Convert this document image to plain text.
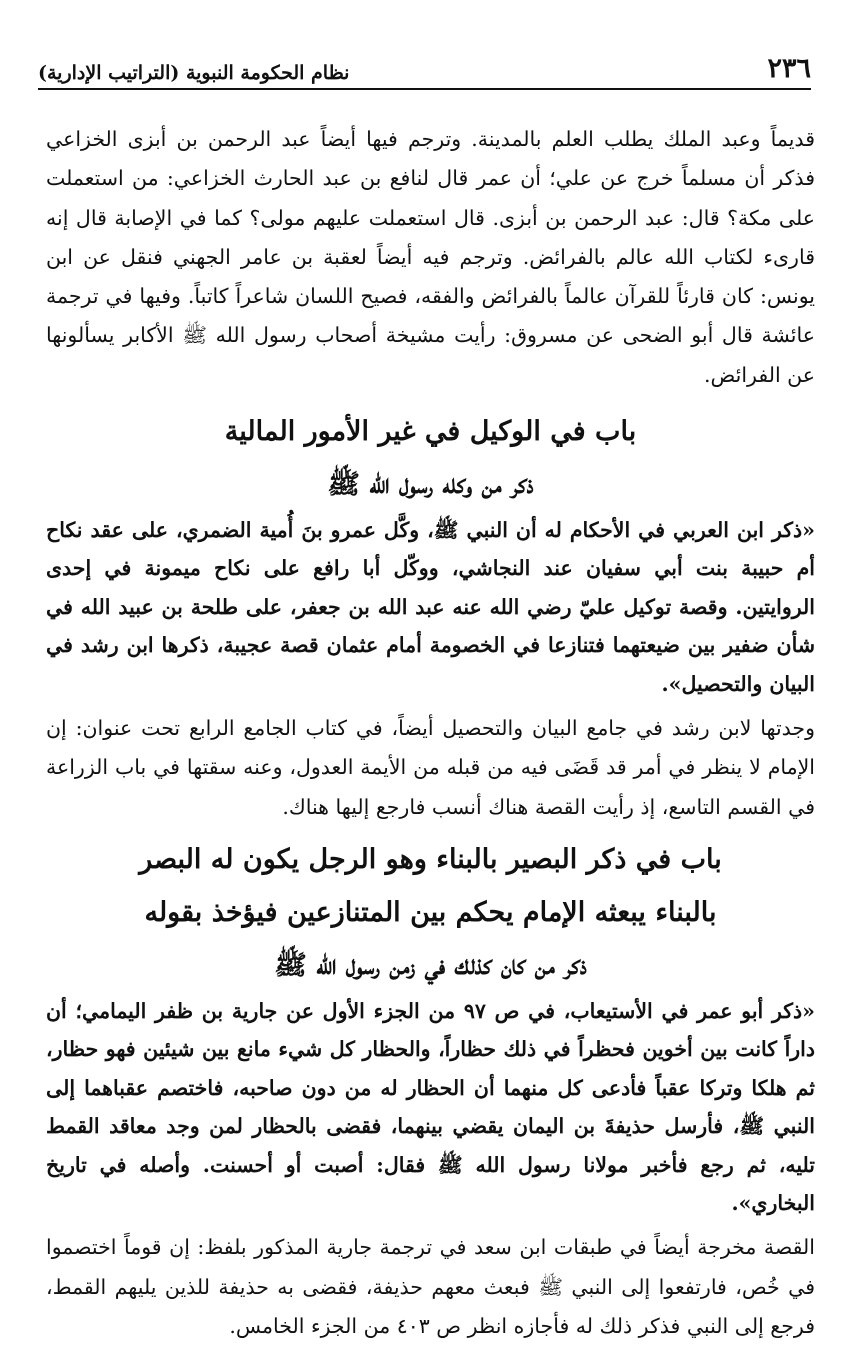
٢٣٦
نظام الحكومة النبوية (التراتيب الإدارية)

قديماً وعبد الملك يطلب العلم بالمدينة. وترجم فيها أيضاً عبد الرحمن بن أبزى الخزاعي فذكر أن مسلماً خرج عن علي؛ أن عمر قال لنافع بن عبد الحارث الخزاعي: من استعملت على مكة؟ قال: عبد الرحمن بن أبزى. قال استعملت عليهم مولى؟ كما في الإصابة قال إنه قارىء لكتاب الله عالم بالفرائض. وترجم فيه أيضاً لعقبة بن عامر الجهني فنقل عن ابن يونس: كان قارئاً للقرآن عالماً بالفرائض والفقه، فصيح اللسان شاعراً كاتباً. وفيها في ترجمة عائشة قال أبو الضحى عن مسروق: رأيت مشيخة أصحاب رسول الله ﷺ الأكابر يسألونها عن الفرائض.

باب في الوكيل في غير الأمور المالية
ذكر من وكله رسول الله ﷺ

«ذكر ابن العربي في الأحكام له أن النبي ﷺ، وكَّل عمرو بنَ أُمية الضمري، على عقد نكاح أم حبيبة بنت أبي سفيان عند النجاشي، ووكّل أبا رافع على نكاح ميمونة في إحدى الروايتين. وقصة توكيل عليّ رضي الله عنه عبد الله بن جعفر، على طلحة بن عبيد الله في شأن ضفير بين ضيعتهما فتنازعا في الخصومة أمام عثمان قصة عجيبة، ذكرها ابن رشد في البيان والتحصيل».

وجدتها لابن رشد في جامع البيان والتحصيل أيضاً، في كتاب الجامع الرابع تحت عنوان: إن الإمام لا ينظر في أمر قد قَضَى فيه من قبله من الأيمة العدول، وعنه سقتها في باب الزراعة في القسم التاسع، إذ رأيت القصة هناك أنسب فارجع إليها هناك.

باب في ذكر البصير بالبناء وهو الرجل يكون له البصر
بالبناء يبعثه الإمام يحكم بين المتنازعين فيؤخذ بقوله
ذكر من كان كذلك في زمن رسول الله ﷺ

«ذكر أبو عمر في الأستيعاب، في ص ٩٧ من الجزء الأول عن جارية بن ظفر اليمامي؛ أن داراً كانت بين أخوين فحظراً في ذلك حظاراً، والحظار كل شيء مانع بين شيئين فهو حظار، ثم هلكا وتركا عقباً فأدعى كل منهما أن الحظار له من دون صاحبه، فاختصم عقباهما إلى النبي ﷺ، فأرسل حذيفةَ بن اليمان يقضي بينهما، فقضى بالحظار لمن وجد معاقد القمط تليه، ثم رجع فأخبر مولانا رسول الله ﷺ فقال: أصبت أو أحسنت. وأصله في تاريخ البخاري».

القصة مخرجة أيضاً في طبقات ابن سعد في ترجمة جارية المذكور بلفظ: إن قوماً اختصموا في خُص، فارتفعوا إلى النبي ﷺ فبعث معهم حذيفة، فقضى به حذيفة للذين يليهم القمط، فرجع إلى النبي فذكر ذلك له فأجازه انظر ص ٤٠٣ من الجزء الخامس.
